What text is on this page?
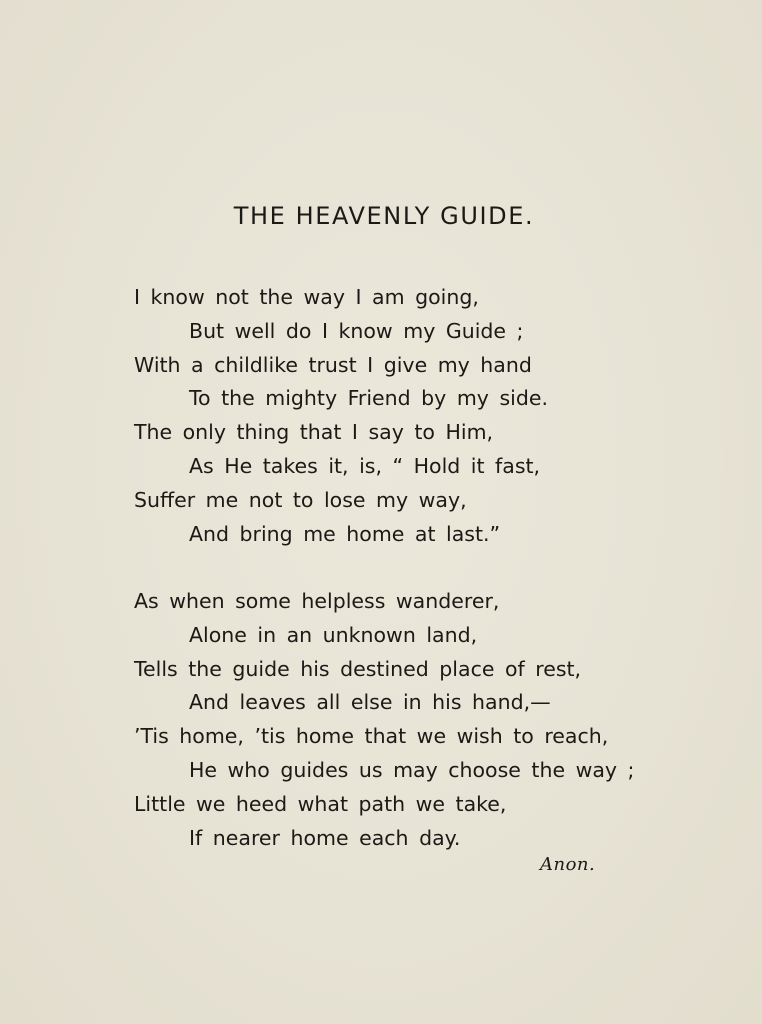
THE HEAVENLY GUIDE.
I know not the way I am going,
But well do I know my Guide ;
With a childlike trust I give my hand
To the mighty Friend by my side.
The only thing that I say to Him,
As He takes it, is, “ Hold it fast,
Suffer me not to lose my way,
And bring me home at last.”
As when some helpless wanderer,
Alone in an unknown land,
Tells the guide his destined place of rest,
And leaves all else in his hand,—
’Tis home, ’tis home that we wish to reach,
He who guides us may choose the way ;
Little we heed what path we take,
If nearer home each day.
Anon.
